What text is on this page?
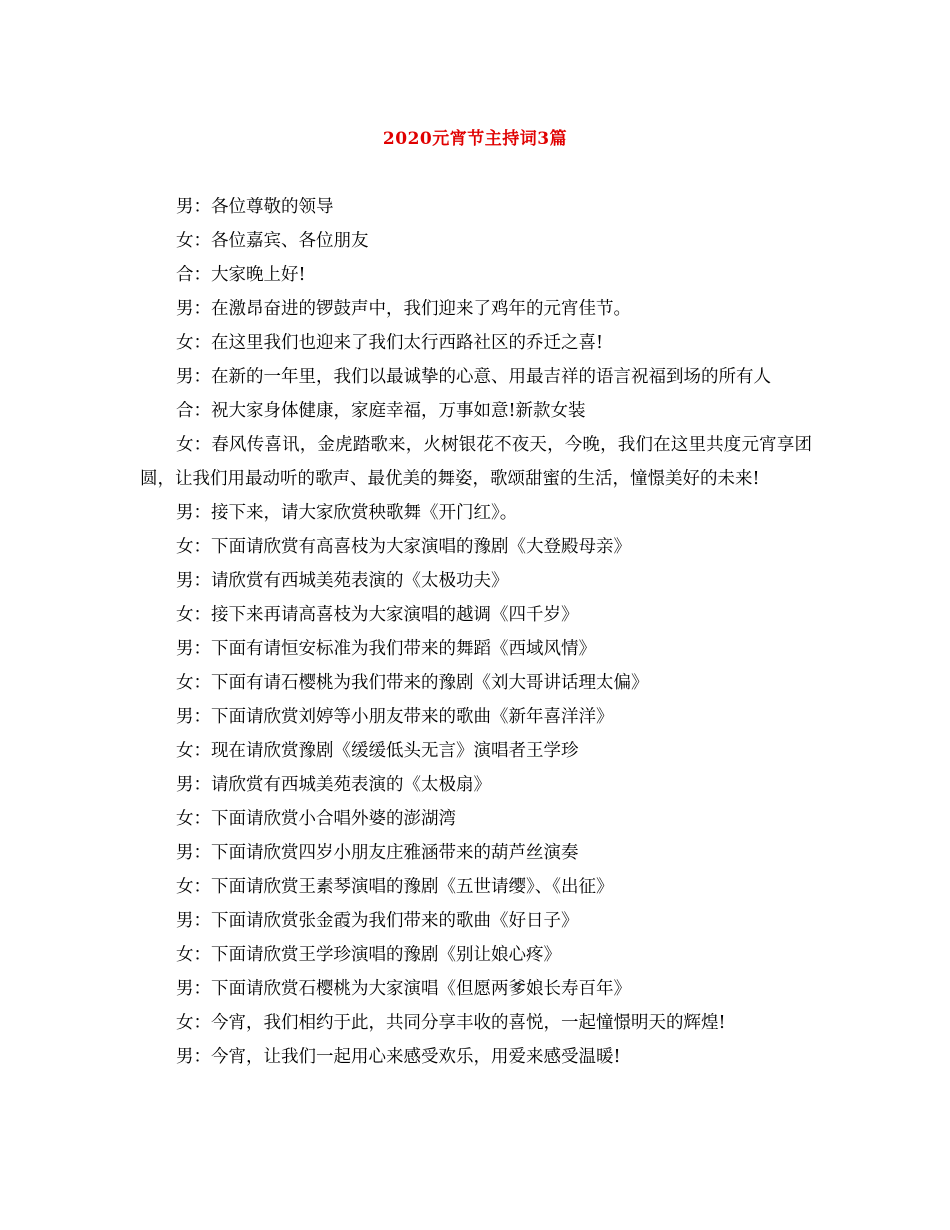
2020元宵节主持词3篇

男：各位尊敬的领导

女：各位嘉宾、各位朋友

合：大家晚上好!

男：在激昂奋进的锣鼓声中，我们迎来了鸡年的元宵佳节。

女：在这里我们也迎来了我们太行西路社区的乔迁之喜!

男：在新的一年里，我们以最诚挚的心意、用最吉祥的语言祝福到场的所有人

合：祝大家身体健康，家庭幸福，万事如意!新款女装

女：春风传喜讯，金虎踏歌来，火树银花不夜天，今晚，我们在这里共度元宵享团圆，让我们用最动听的歌声、最优美的舞姿，歌颂甜蜜的生活，憧憬美好的未来!

男：接下来，请大家欣赏秧歌舞《开门红》。

女：下面请欣赏有高喜枝为大家演唱的豫剧《大登殿母亲》

男：请欣赏有西城美苑表演的《太极功夫》

女：接下来再请高喜枝为大家演唱的越调《四千岁》

男：下面有请恒安标准为我们带来的舞蹈《西域风情》

女：下面有请石樱桃为我们带来的豫剧《刘大哥讲话理太偏》

男：下面请欣赏刘婷等小朋友带来的歌曲《新年喜洋洋》

女：现在请欣赏豫剧《缓缓低头无言》演唱者王学珍

男：请欣赏有西城美苑表演的《太极扇》

女：下面请欣赏小合唱外婆的澎湖湾

男：下面请欣赏四岁小朋友庄雅涵带来的葫芦丝演奏

女：下面请欣赏王素琴演唱的豫剧《五世请缨》、《出征》

男：下面请欣赏张金霞为我们带来的歌曲《好日子》

女：下面请欣赏王学珍演唱的豫剧《别让娘心疼》

男：下面请欣赏石樱桃为大家演唱《但愿两爹娘长寿百年》

女：今宵，我们相约于此，共同分享丰收的喜悦，一起憧憬明天的辉煌!

男：今宵，让我们一起用心来感受欢乐，用爱来感受温暖!
